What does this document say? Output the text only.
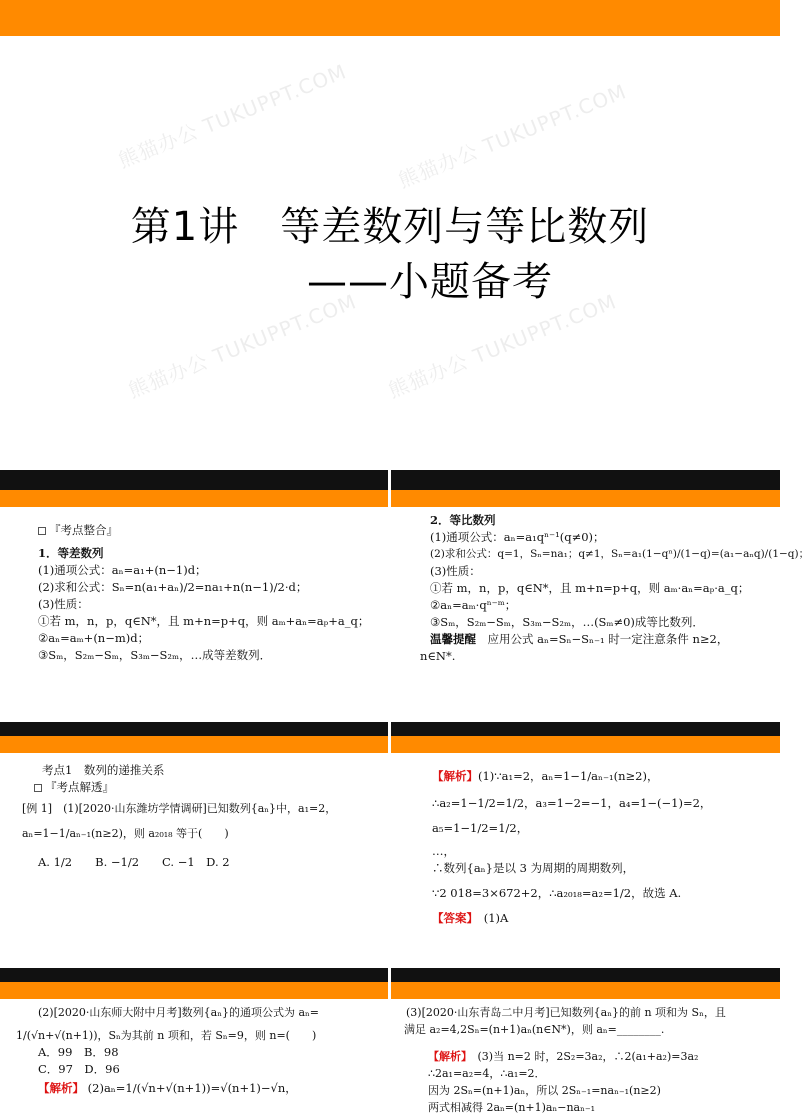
熊猫办公 TUKUPPT.COM 熊猫办公 TUKUPPT.COM
熊猫办公 TUKUPPT.COM 熊猫办公 TUKUPPT.COM
第1讲　等差数列与等比数列
——小题备考
『考点整合』
1．等差数列
(1)通项公式：aₙ=a₁+(n−1)d；
(2)求和公式：Sₙ=n(a₁+aₙ)/2=na₁+n(n−1)/2·d；
(3)性质：
①若 m，n，p，q∈N*，且 m+n=p+q，则 aₘ+aₙ=aₚ+a_q；
②aₙ=aₘ+(n−m)d；
③Sₘ，S₂ₘ−Sₘ，S₃ₘ−S₂ₘ，…成等差数列．
2．等比数列
(1)通项公式：aₙ=a₁qⁿ⁻¹(q≠0)；
(2)求和公式：q=1，Sₙ=na₁；q≠1，Sₙ=a₁(1−qⁿ)/(1−q)=(a₁−aₙq)/(1−q)；
(3)性质：
①若 m，n，p，q∈N*，且 m+n=p+q，则 aₘ·aₙ=aₚ·a_q；
②aₙ=aₘ·qⁿ⁻ᵐ；
③Sₘ，S₂ₘ−Sₘ，S₃ₘ−S₂ₘ，…(Sₘ≠0)成等比数列．
温馨提醒　应用公式 aₙ=Sₙ−Sₙ₋₁ 时一定注意条件 n≥2，
n∈N*.
考点1　数列的递推关系
『考点解透』
[例 1]　(1)[2020·山东潍坊学情调研]已知数列{aₙ}中，a₁=2，
aₙ=1−1/aₙ₋₁(n≥2)，则 a₂₀₁₈ 等于(　　)
A. 1/2　　B. −1/2　　C. −1　D. 2
【解析】(1)∵a₁=2，aₙ=1−1/aₙ₋₁(n≥2)，
∴a₂=1−1/2=1/2，a₃=1−2=−1，a₄=1−(−1)=2，
a₅=1−1/2=1/2，
…，
∴数列{aₙ}是以 3 为周期的周期数列，
∵2 018=3×672+2，∴a₂₀₁₈=a₂=1/2，故选 A.
【答案】　(1)A
(2)[2020·山东师大附中月考]数列{aₙ}的通项公式为 aₙ=
1/(√n+√(n+1))，Sₙ为其前 n 项和，若 Sₙ=9，则 n=(　　)
A．99　B．98
C．97　D．96
【解析】 (2)aₙ=1/(√n+√(n+1))=√(n+1)−√n，
(3)[2020·山东青岛二中月考]已知数列{aₙ}的前 n 项和为 Sₙ，且
满足 a₂=4,2Sₙ=(n+1)aₙ(n∈N*)，则 aₙ=________.
【解析】　(3)当 n=2 时，2S₂=3a₂，∴2(a₁+a₂)=3a₂
∴2a₁=a₂=4，∴a₁=2．
因为 2Sₙ=(n+1)aₙ，所以 2Sₙ₋₁=naₙ₋₁(n≥2)
两式相减得 2aₙ=(n+1)aₙ−naₙ₋₁
